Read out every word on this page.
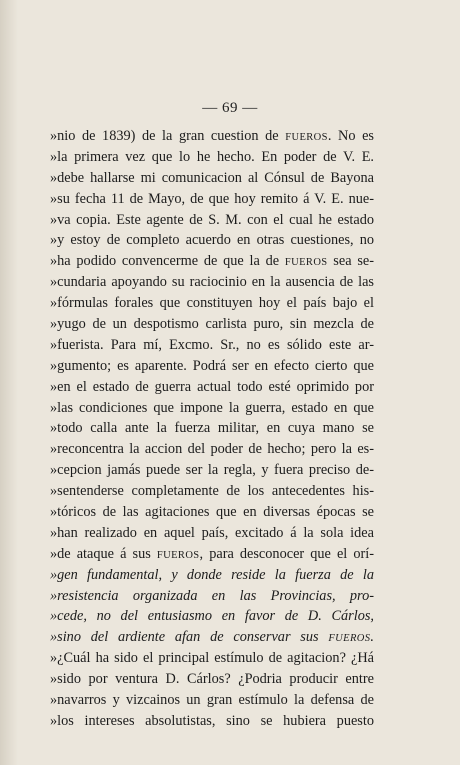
— 69 —
»nio de 1839) de la gran cuestion de FUEROS. No es
»la primera vez que lo he hecho. En poder de V. E.
»debe hallarse mi comunicacion al Cónsul de Bayona
»su fecha 11 de Mayo, de que hoy remito á V. E. nue-
»va copia. Este agente de S. M. con el cual he estado
»y estoy de completo acuerdo en otras cuestiones, no
»ha podido convencerme de que la de FUEROS sea se-
»cundaria apoyando su raciocinio en la ausencia de las
»fórmulas forales que constituyen hoy el país bajo el
»yugo de un despotismo carlista puro, sin mezcla de
»fuerista. Para mí, Excmo. Sr., no es sólido este ar-
»gumento; es aparente. Podrá ser en efecto cierto que
»en el estado de guerra actual todo esté oprimido por
»las condiciones que impone la guerra, estado en que
»todo calla ante la fuerza militar, en cuya mano se
»reconcentra la accion del poder de hecho; pero la es-
»cepcion jamás puede ser la regla, y fuera preciso de-
»sentenderse completamente de los antecedentes his-
»tóricos de las agitaciones que en diversas épocas se
»han realizado en aquel país, excitado á la sola idea
»de ataque á sus FUEROS, para desconocer que el orí-
»gen fundamental, y donde reside la fuerza de la
»resistencia organizada en las Provincias, pro-
»cede, no del entusiasmo en favor de D. Cárlos,
»sino del ardiente afan de conservar sus FUEROS.
»¿Cuál ha sido el principal estímulo de agitacion? ¿Há
»sido por ventura D. Cárlos? ¿Podria producir entre
»navarros y vizcainos un gran estímulo la defensa de
»los intereses absolutistas, sino se hubiera puesto
